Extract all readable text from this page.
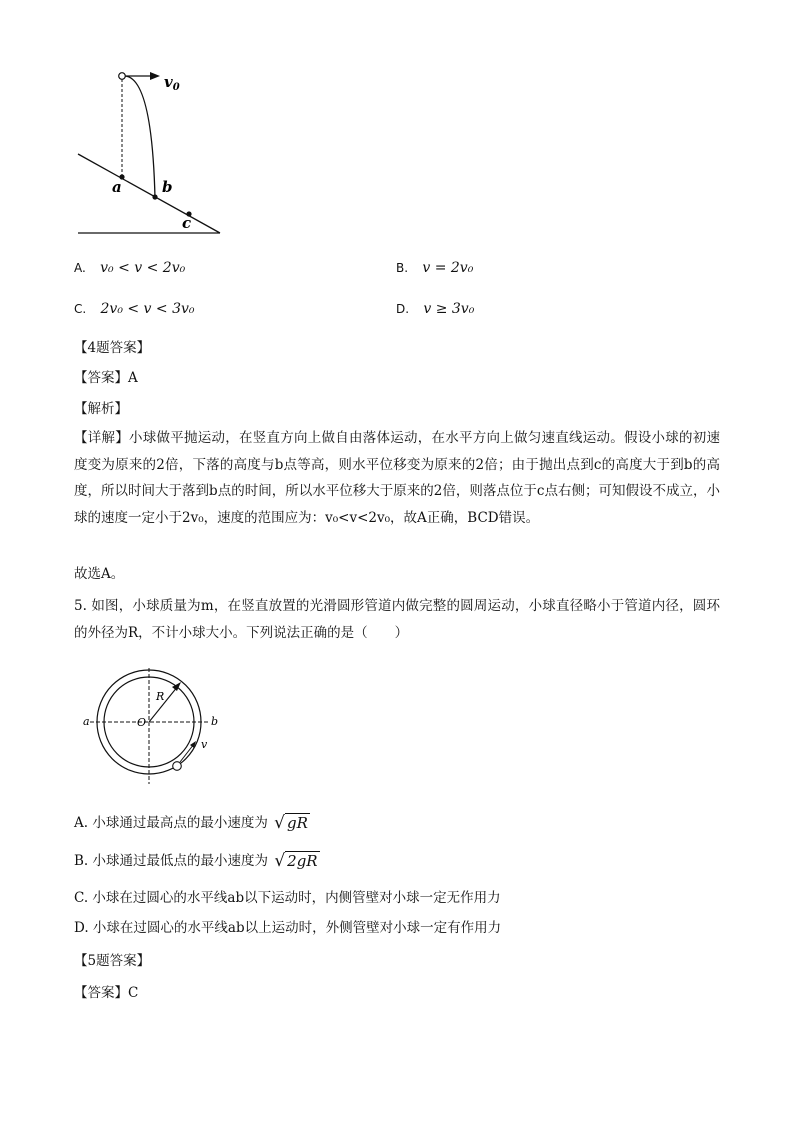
$v_0$
a	b
c
A. v₀ < v < 2v₀	B. v = 2v₀
C. 2v₀ < v < 3v₀	D. v ≥ 3v₀
【4题答案】
【答案】A
【解析】
【详解】小球做平抛运动，在竖直方向上做自由落体运动，在水平方向上做匀速直线运动。假设小球的初速度变为原来的2倍，下落的高度与b点等高，则水平位移变为原来的2倍；由于抛出点到c的高度大于到b的高度，所以时间大于落到b点的时间，所以水平位移大于原来的2倍，则落点位于c点右侧；可知假设不成立，小球的速度一定小于2v₀，速度的范围应为：v₀<v<2v₀，故A正确，BCD错误。
故选A。
5. 如图，小球质量为m，在竖直放置的光滑圆形管道内做完整的圆周运动，小球直径略小于管道内径，圆环的外径为R，不计小球大小。下列说法正确的是（　　）
R
O
a	b
v
A. 小球通过最高点的最小速度为 √ gR
B. 小球通过最低点的最小速度为 √ 2gR
C. 小球在过圆心的水平线ab以下运动时，内侧管壁对小球一定无作用力
D. 小球在过圆心的水平线ab以上运动时，外侧管壁对小球一定有作用力
【5题答案】
【答案】C
